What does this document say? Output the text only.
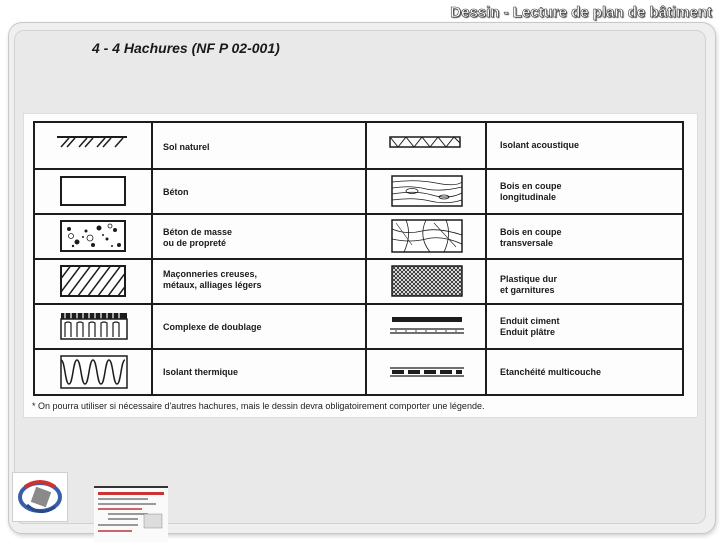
Dessin - Lecture de plan de bâtiment
4 - 4 Hachures (NF P 02-001)
Sol naturel	Isolant acoustique
Béton
Bois en coupe
longitudinale
Béton de masse
ou de propreté
Bois en coupe
transversale
Maçonneries creuses,
métaux, alliages légers
Plastique dur
et garnitures
Complexe de doublage
Enduit ciment
Enduit plâtre
Isolant thermique	Etanchéité multicouche
* On pourra utiliser si nécessaire d'autres hachures, mais le dessin devra obligatoirement comporter une légende.
